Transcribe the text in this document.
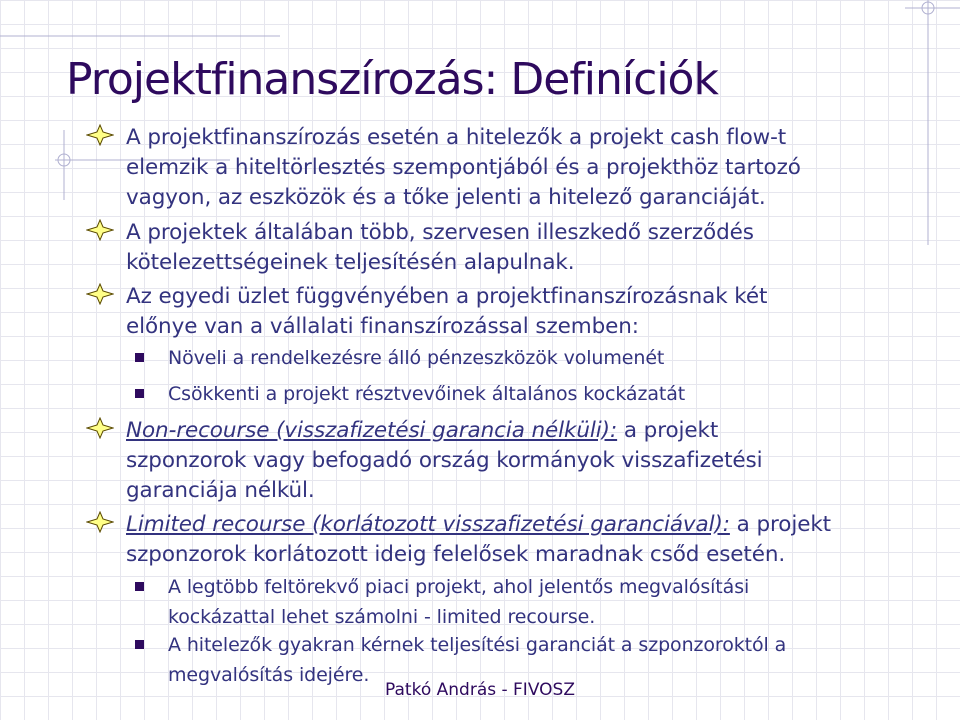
Projektfinanszírozás: Definíciók
A projektfinanszírozás esetén a hitelezők a projekt cash flow-t
elemzik a hiteltörlesztés szempontjából és a projekthöz tartozó
vagyon, az eszközök és a tőke jelenti a hitelező garanciáját.
A projektek általában több, szervesen illeszkedő szerződés
kötelezettségeinek teljesítésén alapulnak.
Az egyedi üzlet függvényében a projektfinanszírozásnak két
előnye van a vállalati finanszírozással szemben:
Növeli a rendelkezésre álló pénzeszközök volumenét
Csökkenti a projekt résztvevőinek általános kockázatát
Non-recourse (visszafizetési garancia nélküli): a projekt
szponzorok vagy befogadó ország kormányok visszafizetési
garanciája nélkül.
Limited recourse (korlátozott visszafizetési garanciával): a projekt
szponzorok korlátozott ideig felelősek maradnak csőd esetén.
A legtöbb feltörekvő piaci projekt, ahol jelentős megvalósítási
kockázattal lehet számolni - limited recourse.
A hitelezők gyakran kérnek teljesítési garanciát a szponzoroktól a
megvalósítás idejére.
Patkó András - FIVOSZ
